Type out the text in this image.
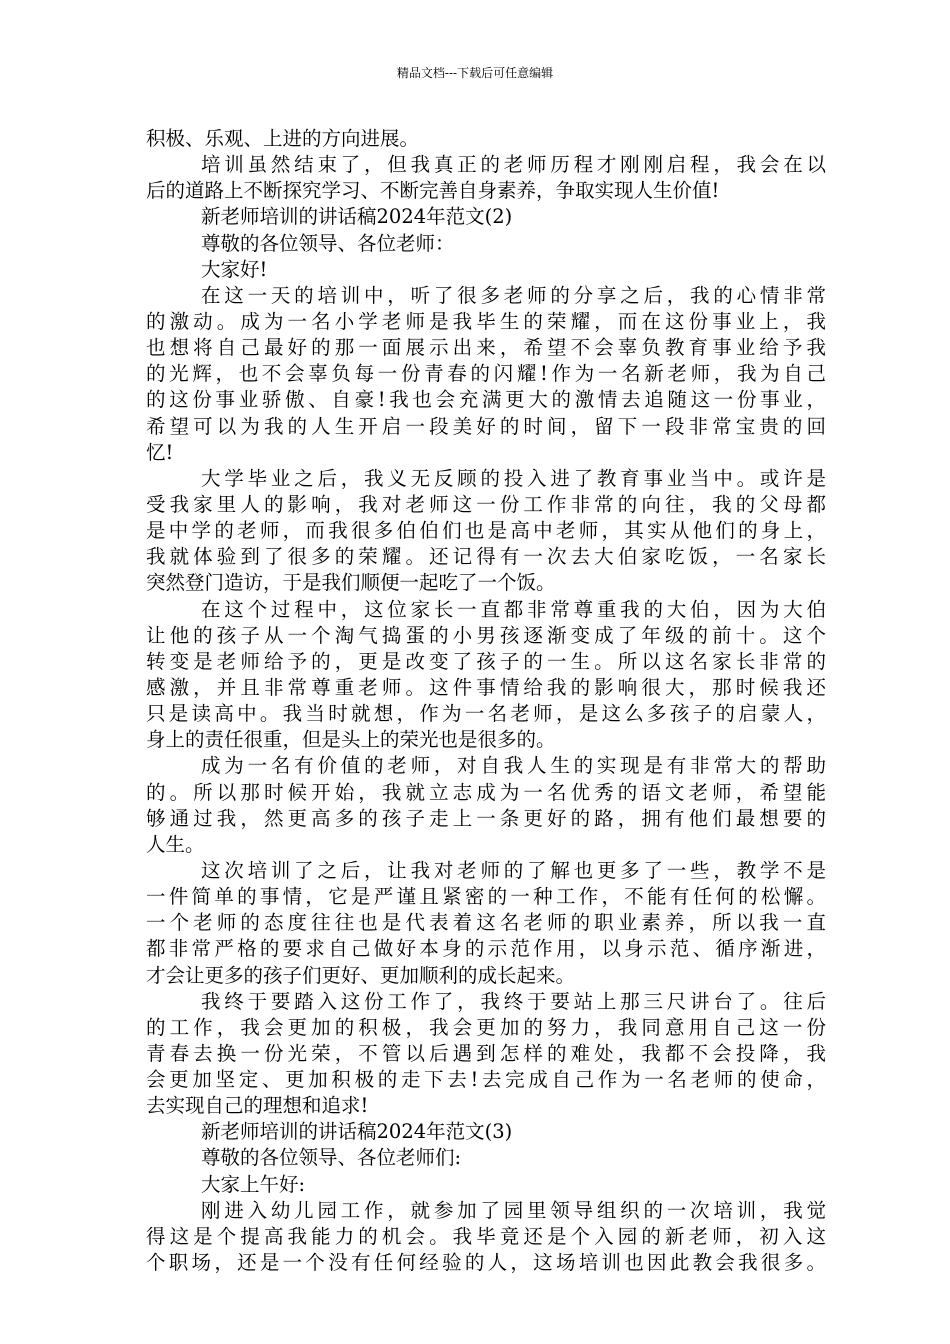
精品文档---下载后可任意编辑
积极、乐观、上进的方向进展。
培训虽然结束了，但我真正的老师历程才刚刚启程，我会在以
后的道路上不断探究学习、不断完善自身素养，争取实现人生价值!
新老师培训的讲话稿2024年范文(2)
尊敬的各位领导、各位老师：
大家好!
在这一天的培训中，听了很多老师的分享之后，我的心情非常
的激动。成为一名小学老师是我毕生的荣耀，而在这份事业上，我
也想将自己最好的那一面展示出来，希望不会辜负教育事业给予我
的光辉，也不会辜负每一份青春的闪耀!作为一名新老师，我为自己
的这份事业骄傲、自豪!我也会充满更大的激情去追随这一份事业，
希望可以为我的人生开启一段美好的时间，留下一段非常宝贵的回
忆!
大学毕业之后，我义无反顾的投入进了教育事业当中。或许是
受我家里人的影响，我对老师这一份工作非常的向往，我的父母都
是中学的老师，而我很多伯伯们也是高中老师，其实从他们的身上，
我就体验到了很多的荣耀。还记得有一次去大伯家吃饭，一名家长
突然登门造访，于是我们顺便一起吃了一个饭。
在这个过程中，这位家长一直都非常尊重我的大伯，因为大伯
让他的孩子从一个淘气捣蛋的小男孩逐渐变成了年级的前十。这个
转变是老师给予的，更是改变了孩子的一生。所以这名家长非常的
感激，并且非常尊重老师。这件事情给我的影响很大，那时候我还
只是读高中。我当时就想，作为一名老师，是这么多孩子的启蒙人，
身上的责任很重，但是头上的荣光也是很多的。
成为一名有价值的老师，对自我人生的实现是有非常大的帮助
的。所以那时候开始，我就立志成为一名优秀的语文老师，希望能
够通过我，然更高多的孩子走上一条更好的路，拥有他们最想要的
人生。
这次培训了之后，让我对老师的了解也更多了一些，教学不是
一件简单的事情，它是严谨且紧密的一种工作，不能有任何的松懈。
一个老师的态度往往也是代表着这名老师的职业素养，所以我一直
都非常严格的要求自己做好本身的示范作用，以身示范、循序渐进，
才会让更多的孩子们更好、更加顺利的成长起来。
我终于要踏入这份工作了，我终于要站上那三尺讲台了。往后
的工作，我会更加的积极，我会更加的努力，我同意用自己这一份
青春去换一份光荣，不管以后遇到怎样的难处，我都不会投降，我
会更加坚定、更加积极的走下去!去完成自己作为一名老师的使命，
去实现自己的理想和追求!
新老师培训的讲话稿2024年范文(3)
尊敬的各位领导、各位老师们:
大家上午好:
刚进入幼儿园工作，就参加了园里领导组织的一次培训，我觉
得这是个提高我能力的机会。我毕竟还是个入园的新老师，初入这
个职场，还是一个没有任何经验的人，这场培训也因此教会我很多。
